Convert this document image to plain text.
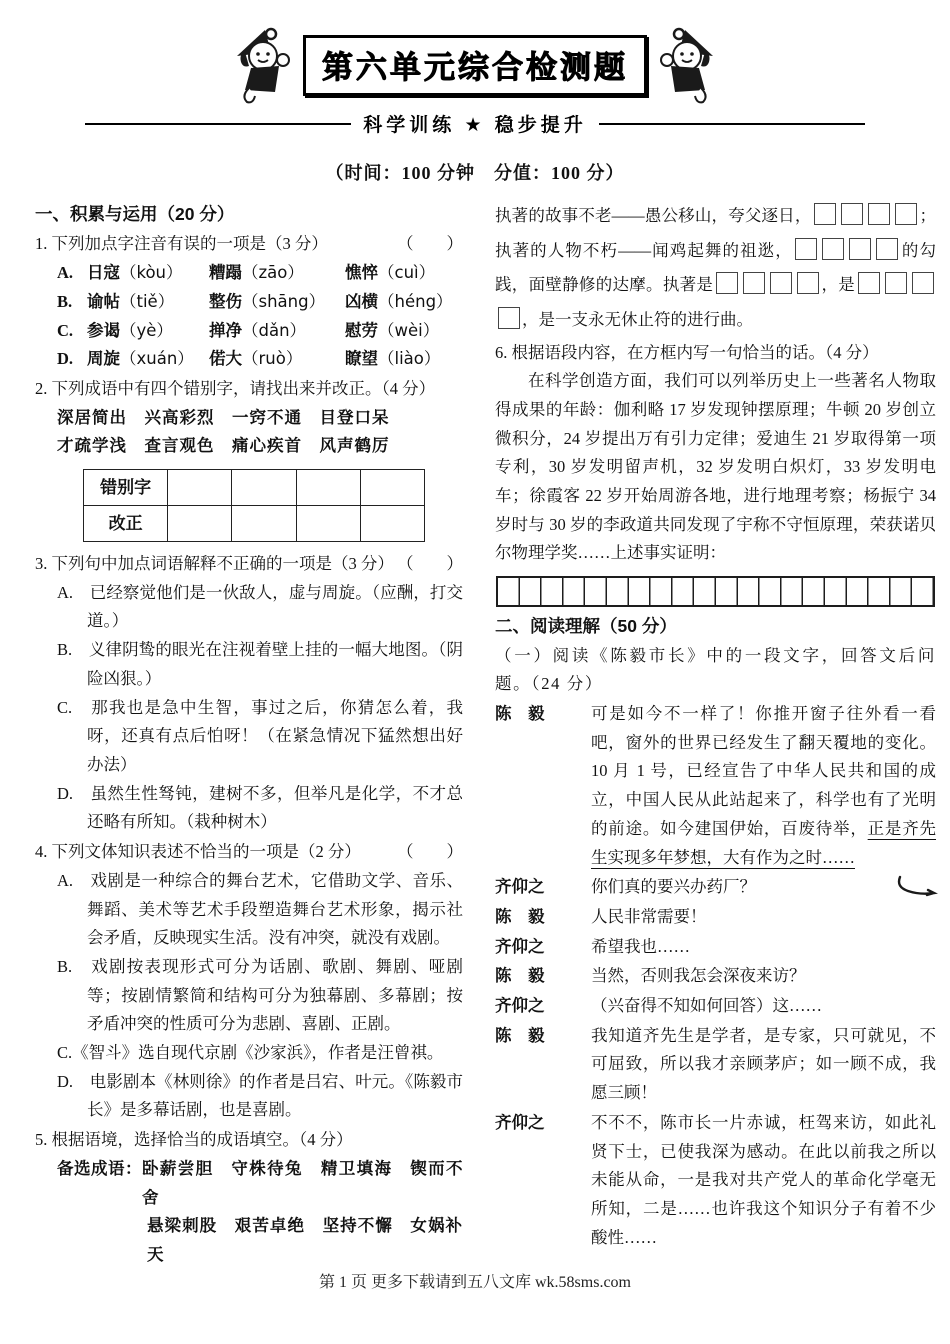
第六单元综合检测题
科学训练 ★ 稳步提升
（时间：100 分钟　分值：100 分）
一、积累与运用（20 分）
1. 下列加点字注音有误的一项是（3 分）	（　　）
A. 日寇（kòu）	糟蹋（zāo）	憔悴（cuì）
B. 谕帖（tiě）	整伤（shāng）	凶横（héng）
C. 参谒（yè）	掸净（dǎn）	慰劳（wèi）
D. 周旋（xuán） 偌大（ruò）	瞭望（liào）
2. 下列成语中有四个错别字，请找出来并改正。（4 分）
深居简出　兴高彩烈　一窍不通　目登口呆
才疏学浅　查言观色　痛心疾首　风声鹤厉
错别字				
改正				
3. 下列句中加点词语解释不正确的一项是（3 分） （　　）
A.　 已经察觉他们是一伙敌人，虚与周旋。（应酬，打交道。）
B.　 义律阴鸷的眼光在注视着壁上挂的一幅大地图。（阴险凶狠。）
C.　 那我也是急中生智，事过之后，你猜怎么着，我呀，还真有点后怕呀！（在紧急情况下猛然想出好办法）
D.　 虽然生性驽钝，建树不多，但举凡是化学，不才总还略有所知。（栽种树木）
4. 下列文体知识表述不恰当的一项是（2 分） （　　）
A.　 戏剧是一种综合的舞台艺术，它借助文学、音乐、舞蹈、美术等艺术手段塑造舞台艺术形象，揭示社会矛盾，反映现实生活。没有冲突，就没有戏剧。
B.　 戏剧按表现形式可分为话剧、歌剧、舞剧、哑剧等；按剧情繁简和结构可分为独幕剧、多幕剧；按矛盾冲突的性质可分为悲剧、喜剧、正剧。
C.《智斗》选自现代京剧《沙家浜》，作者是汪曾祺。
D.　 电影剧本《林则徐》的作者是吕宕、叶元。《陈毅市长》是多幕话剧，也是喜剧。
5. 根据语境，选择恰当的成语填空。（4 分）
备选成语： 卧薪尝胆　守株待兔　精卫填海　锲而不舍
悬梁刺股　艰苦卓绝　坚持不懈　女娲补天
执著的故事不老——愚公移山，夸父逐日，	；执著的人物不朽——闻鸡起舞的祖逖，	的勾践，面壁静修的达摩。执著是	，是，是一支永无休止符的进行曲。
6. 根据语段内容，在方框内写一句恰当的话。（4 分）
在科学创造方面，我们可以列举历史上一些著名人物取得成果的年龄：伽利略 17 岁发现钟摆原理；牛顿 20 岁创立微积分，24 岁提出万有引力定律；爱迪生 21 岁取得第一项专利，30 岁发明留声机，32 岁发明白炽灯，33 岁发明电车；徐霞客 22 岁开始周游各地，进行地理考察；杨振宁 34 岁时与 30 岁的李政道共同发现了宇称不守恒原理，荣获诺贝尔物理学奖……上述事实证明：
二、阅读理解（50 分）
（一）阅读《陈毅市长》中的一段文字，回答文后问题。（24 分）
陈　毅	可是如今不一样了！你推开窗子往外看一看吧，窗外的世界已经发生了翻天覆地的变化。10 月 1 号，已经宣告了中华人民共和国的成立，中国人民从此站起来了，科学也有了光明的前途。如今建国伊始，百废待举，正是齐先生实现多年梦想，大有作为之时……
齐仰之	你们真的要兴办药厂？
陈　毅	人民非常需要！
齐仰之	希望我也……
陈　毅	当然，否则我怎会深夜来访？
齐仰之	（兴奋得不知如何回答）这……
陈　毅	我知道齐先生是学者，是专家，只可就见，不可屈致，所以我才亲顾茅庐；如一顾不成，我愿三顾！
齐仰之	不不不，陈市长一片赤诚，枉驾来访，如此礼贤下士，已使我深为感动。在此以前我之所以未能从命，一是我对共产党人的革命化学毫无所知，二是……也许我这个知识分子有着不少酸性……
第 1 页 更多下载请到五八文库 wk.58sms.com
